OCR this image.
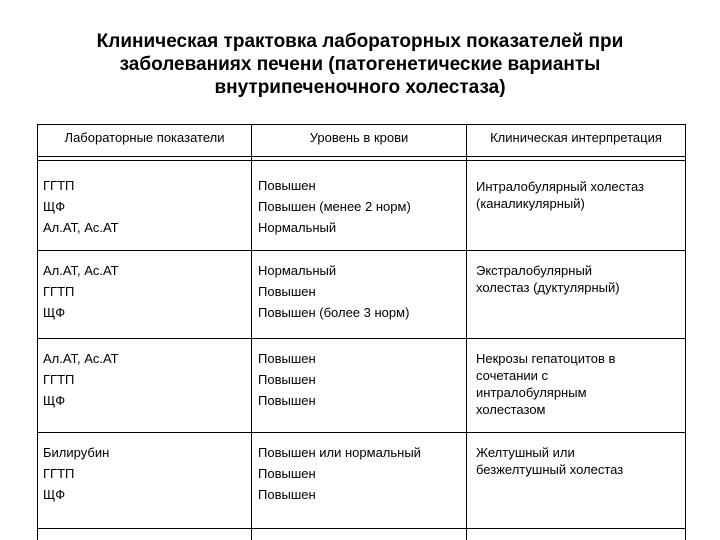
Клиническая трактовка лабораторных показателей при
заболеваниях печени (патогенетические варианты
внутрипеченочного холестаза)
Лабораторные показатели	Уровень в крови	Клиническая интерпретация
ГГТП
ЩФ
Ал.АТ, Ас.АТ
Повышен
Повышен (менее 2 норм)
Нормальный
Интралобулярный холестаз
(каналикулярный)
Ал.АТ, Ас.АТ
ГГТП
ЩФ
Нормальный
Повышен
Повышен (более 3 норм)
Экстралобулярный
холестаз (дуктулярный)
Ал.АТ, Ас.АТ
ГГТП
ЩФ
Повышен
Повышен
Повышен
Некрозы гепатоцитов в
сочетании с
интралобулярным
холестазом
Билирубин
ГГТП
ЩФ
Повышен или нормальный
Повышен
Повышен
Желтушный или
безжелтушный холестаз
